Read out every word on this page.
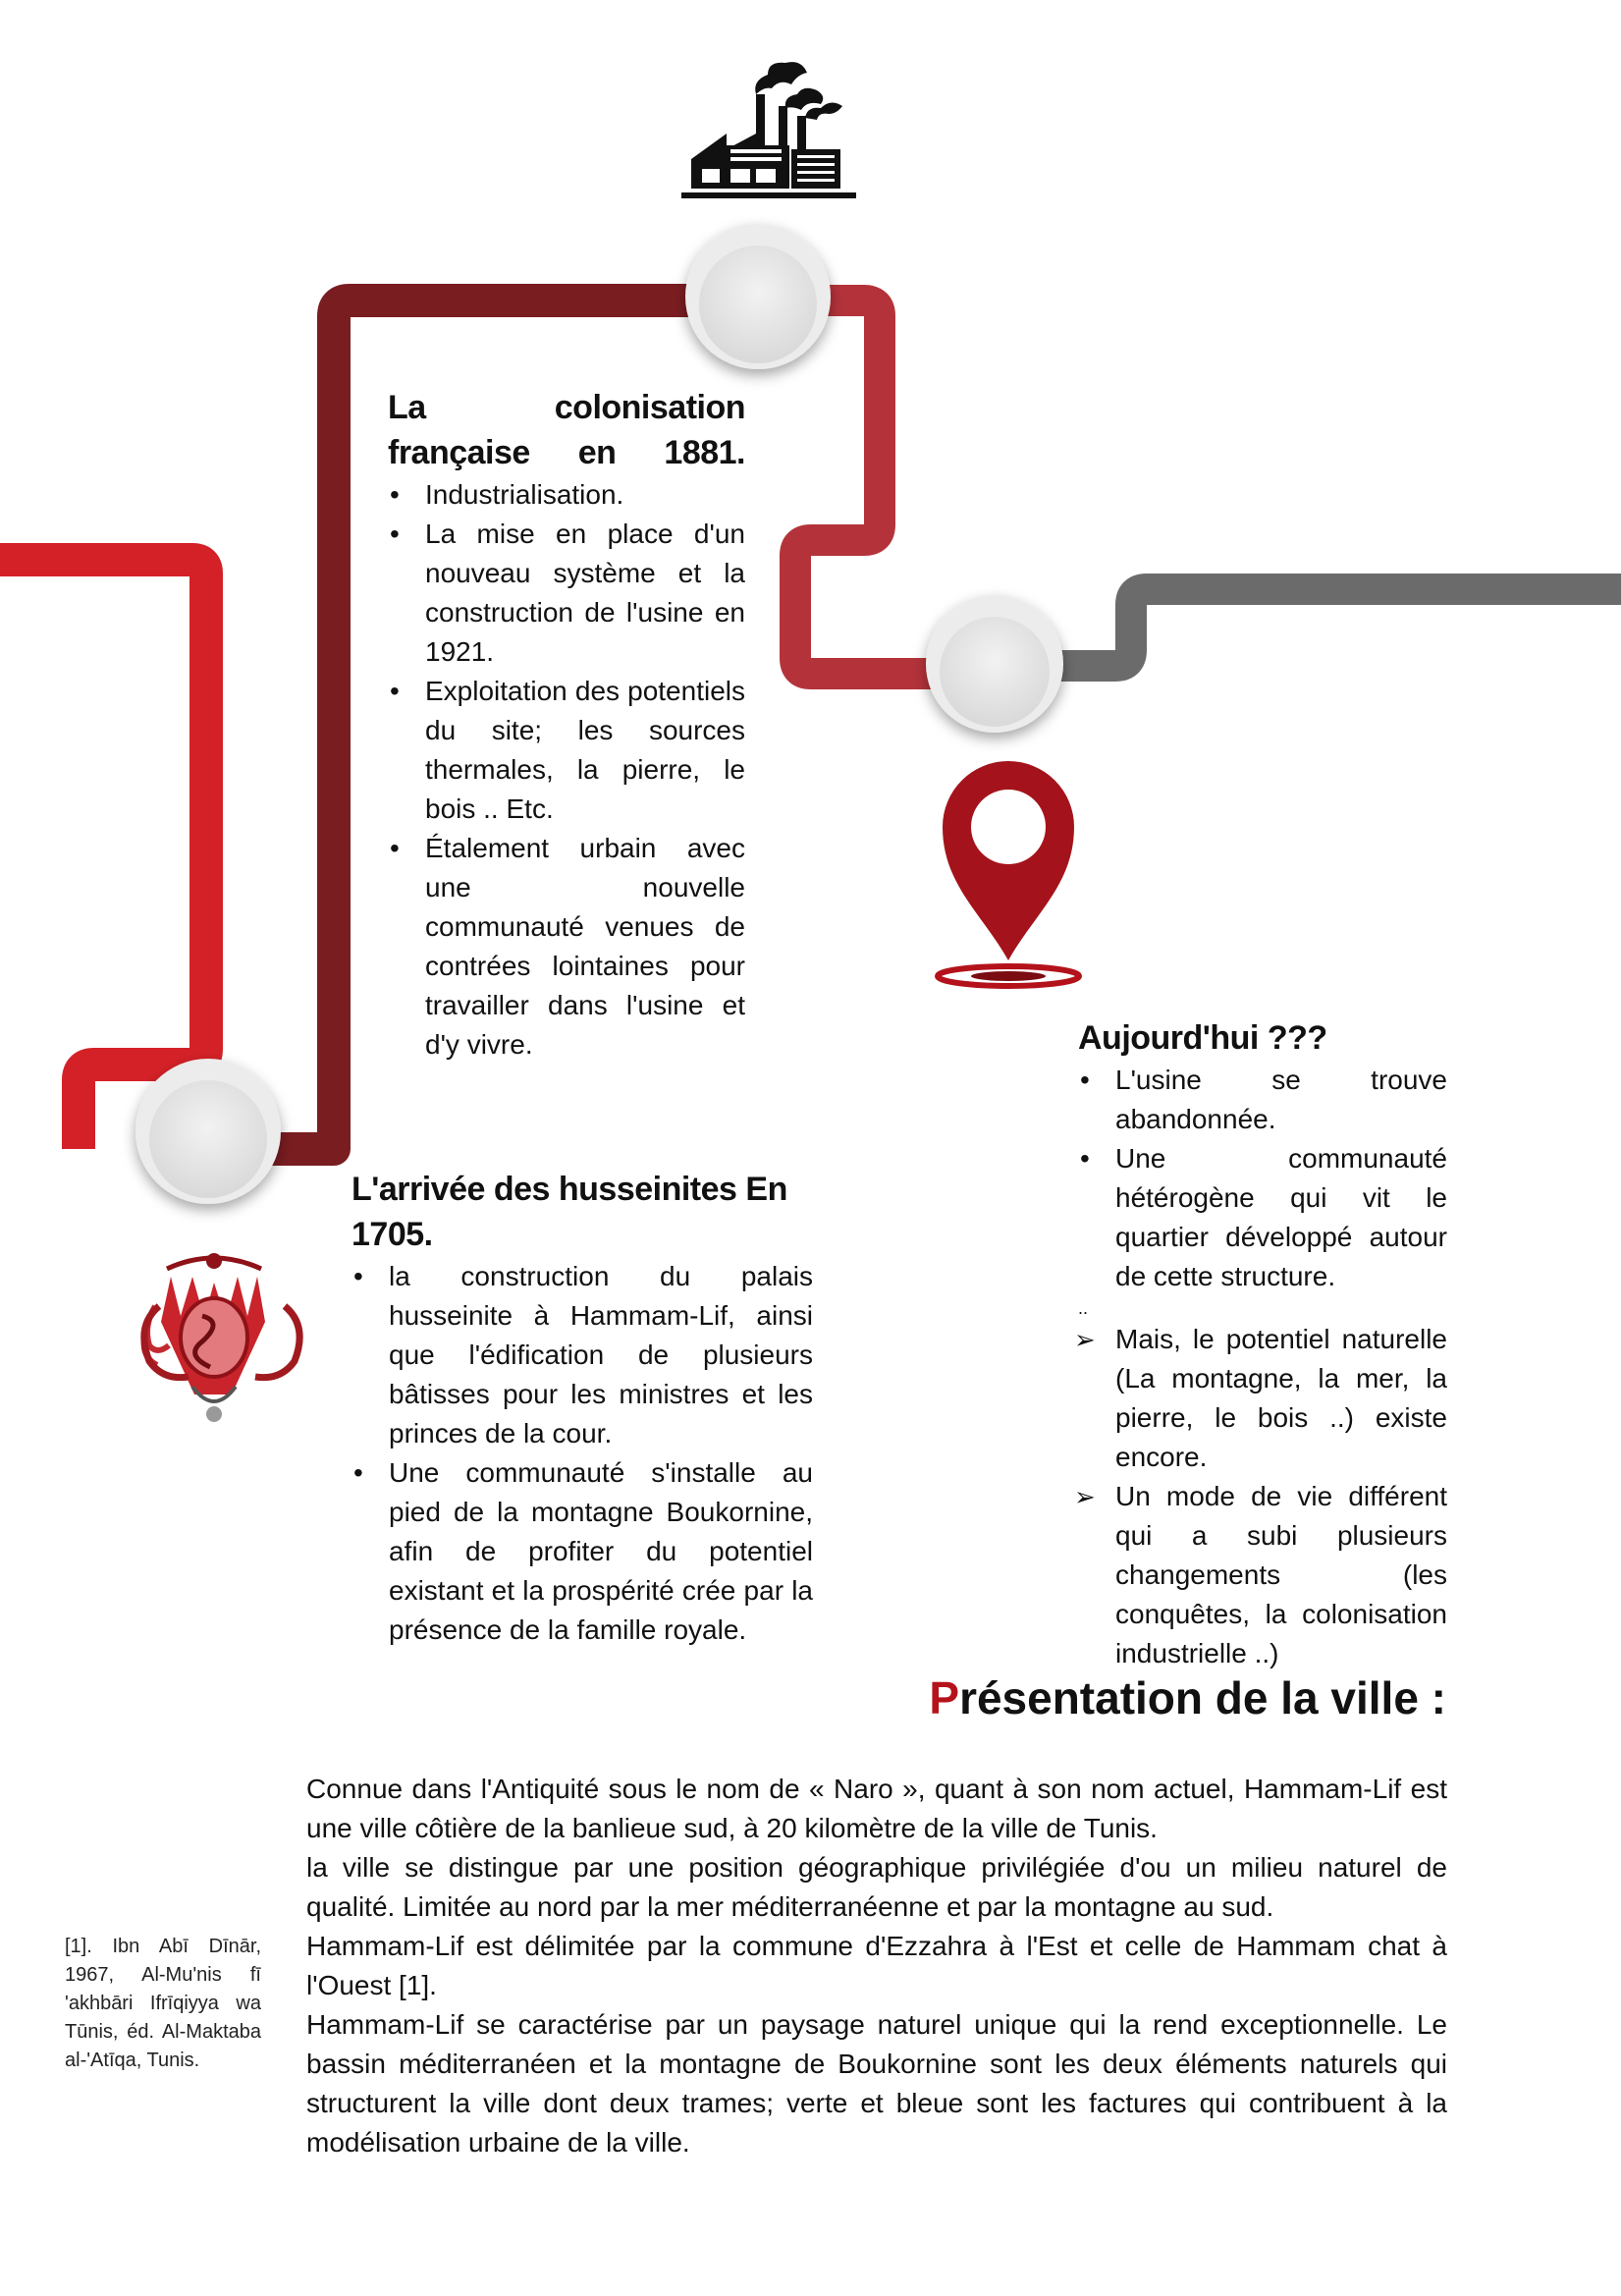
La colonisation française en 1881.
• Industrialisation.
• La mise en place d'un nouveau système et la construction de l'usine en 1921.
• Exploitation des potentiels du site; les sources thermales, la pierre, le bois .. Etc.
• Étalement urbain avec une nouvelle communauté venues de contrées lointaines pour travailler dans l'usine et d'y vivre.
L'arrivée des husseinites En 1705.
• la construction du palais husseinite à Hammam-Lif, ainsi que l'édification de plusieurs bâtisses pour les ministres et les princes de la cour.
• Une communauté s'installe au pied de la montagne Boukornine, afin de profiter du potentiel existant et la prospérité crée par la présence de la famille royale.
Aujourd'hui ???
• L'usine se trouve abandonnée.
• Une communauté hétérogène qui vit le quartier développé autour de cette structure.
..
➢ Mais, le potentiel naturelle (La montagne, la mer, la pierre, le bois ..) existe encore.
➢ Un mode de vie différent qui a subi plusieurs changements (les conquêtes, la colonisation industrielle ..)
Présentation de la ville :

Connue dans l'Antiquité sous le nom de « Naro », quant à son nom actuel, Hammam-Lif est une ville côtière de la banlieue sud, à 20 kilomètre de la ville de Tunis.

la ville se distingue par une position géographique privilégiée d'ou un milieu naturel de qualité. Limitée au nord par la mer méditerranéenne et par la montagne au sud.

Hammam-Lif est délimitée par la commune d'Ezzahra à l'Est et celle de Hammam chat à l'Ouest [1].

Hammam-Lif se caractérise par un paysage naturel unique qui la rend exceptionnelle. Le bassin méditerranéen et la montagne de Boukornine sont les deux éléments naturels qui structurent la ville dont deux trames; verte et bleue sont les factures qui contribuent à la modélisation urbaine de la ville.

[1]. Ibn Abī Dīnār, 1967, Al-Mu'nis fī 'akhbāri Ifrīqiyya wa Tūnis, éd. Al-Maktaba al-'Atīqa, Tunis.
